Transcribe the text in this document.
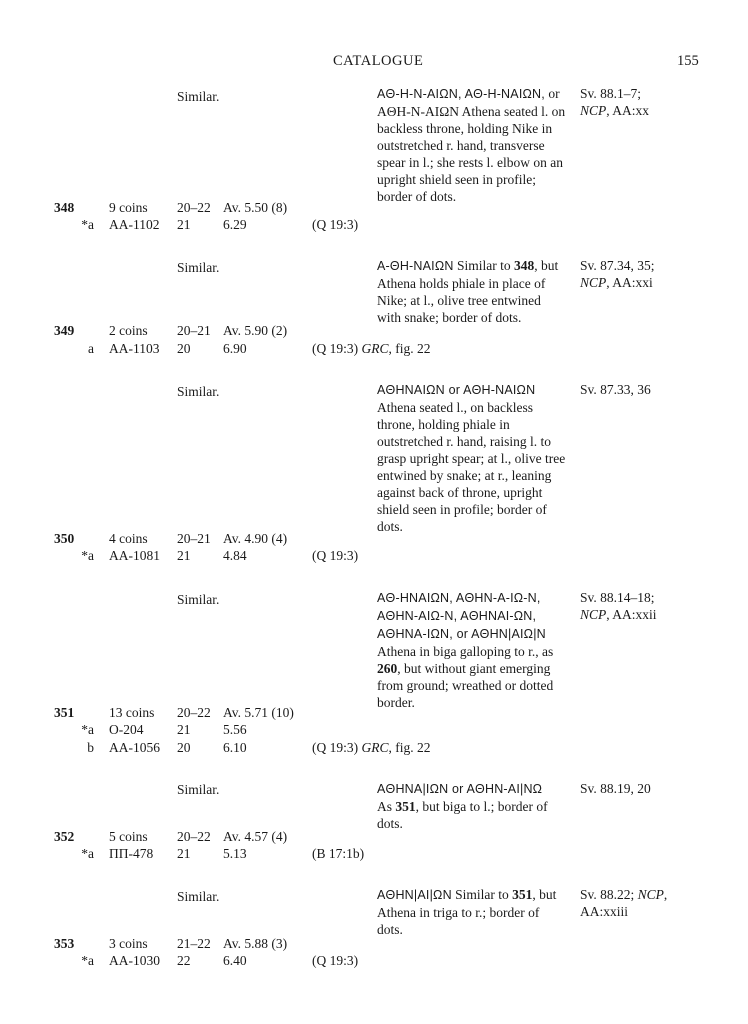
CATALOGUE	155
Similar.	AΘ-H-N-AIΩN, AΘ-H-NAIΩN, or AΘH-N-AIΩN Athena seated l. on backless throne, holding Nike in outstretched r. hand, transverse spear in l.; she rests l. elbow on an upright shield seen in profile; border of dots.
Sv. 88.1–7;
NCP, AA:xx
348	9 coins 20–22 Av. 5.50 (8)
*a AA-1102 21 6.29	(Q 19:3)
Similar.	A-ΘH-NAIΩN Similar to 348, but Athena holds phiale in place of Nike; at l., olive tree entwined with snake; border of dots.
Sv. 87.34, 35;
NCP, AA:xxi
349	2 coins 20–21 Av. 5.90 (2)
a AA-1103 20 6.90	(Q 19:3) GRC, fig. 22
Similar.	AΘHNAIΩN or AΘH-NAIΩN
Athena seated l., on backless throne, holding phiale in outstretched r. hand, raising l. to grasp upright spear; at l., olive tree entwined by snake; at r., leaning against back of throne, upright shield seen in profile; border of dots.
Sv. 87.33, 36
350	4 coins 20–21 Av. 4.90 (4)
*a AA-1081 21 4.84	(Q 19:3)
Similar.	AΘ-HNAIΩN, AΘHN-A-IΩ-N, AΘHN-AIΩ-N, AΘHNAI-ΩN, AΘHNA-IΩN, or AΘHN|AIΩ|N
Athena in biga galloping to r., as 260, but without giant emerging from ground; wreathed or dotted border.
Sv. 88.14–18;
NCP, AA:xxii
351	13 coins 20–22 Av. 5.71 (10)
*a O-204 21 5.56
b AA-1056 20 6.10	(Q 19:3) GRC, fig. 22
Similar.	AΘHNA|IΩN or AΘHN-AI|NΩ
As 351, but biga to l.; border of dots.
Sv. 88.19, 20
352	5 coins 20–22 Av. 4.57 (4)
*a ΠΠ-478 21 5.13	(B 17:1b)
Similar.	AΘHN|AI|ΩN Similar to 351, but Athena in triga to r.; border of dots.
Sv. 88.22; NCP, AA:xxiii
353	3 coins 21–22 Av. 5.88 (3)
*a AA-1030 22 6.40	(Q 19:3)
